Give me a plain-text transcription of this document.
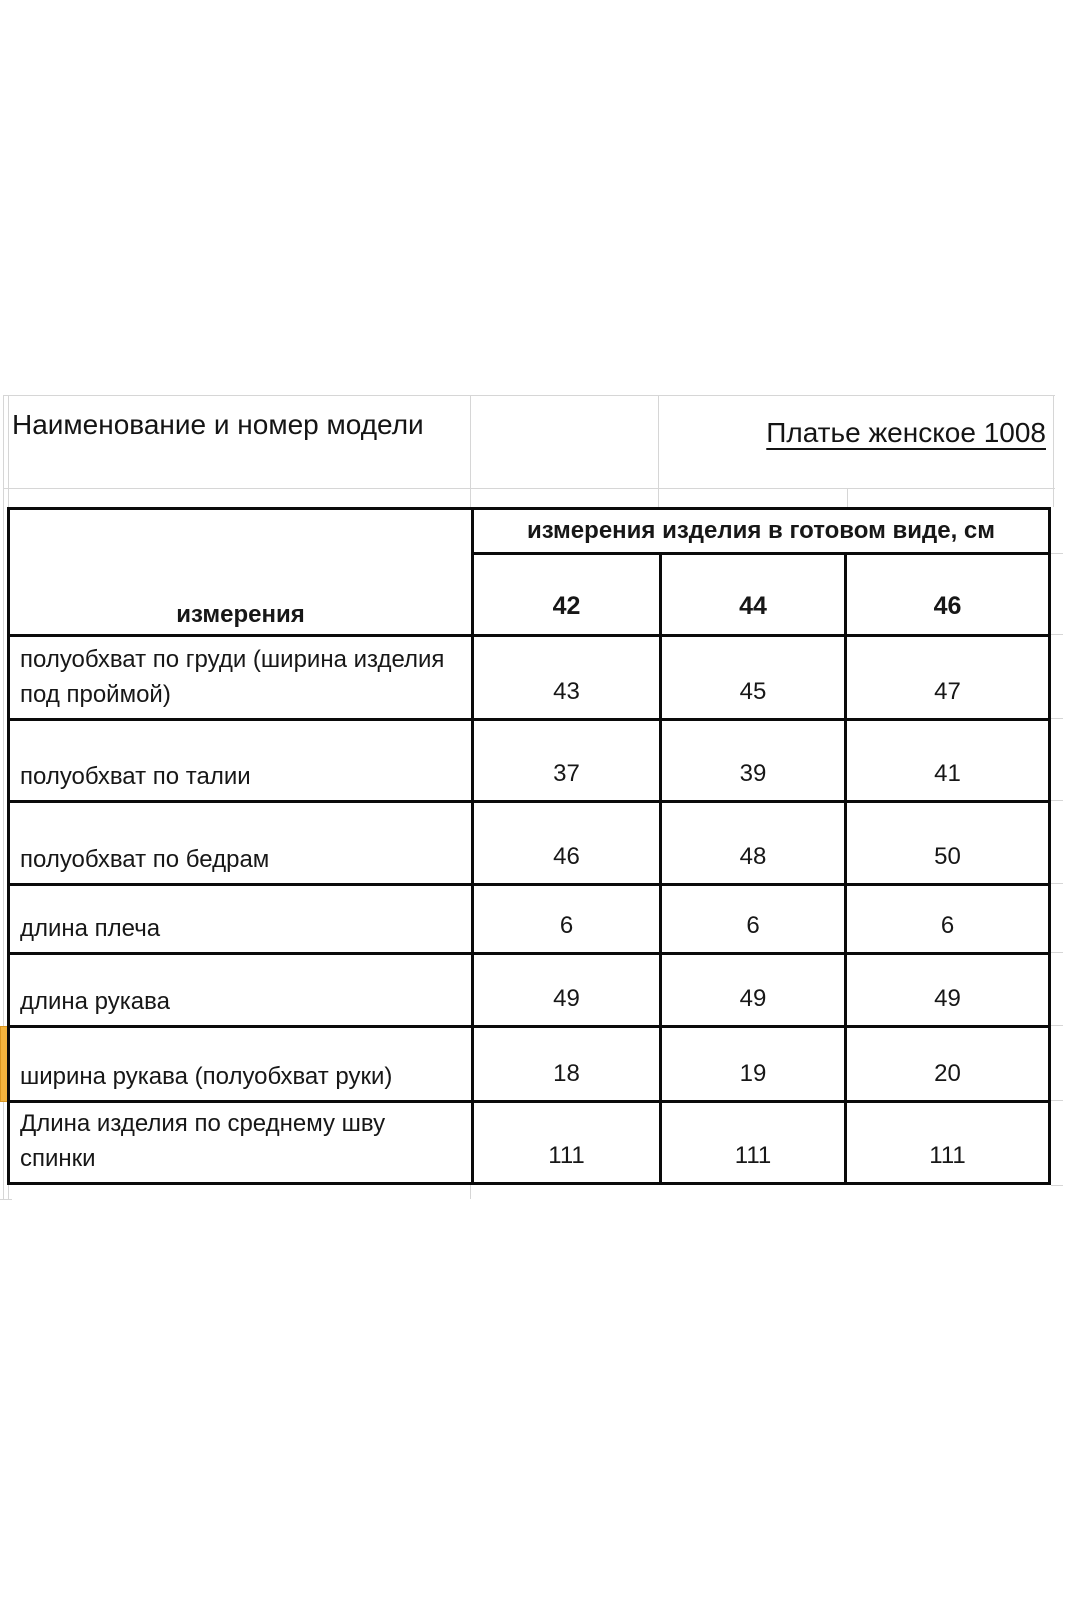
Наименование и номер модели	Платье женское 1008
измерения
измерения изделия в готовом виде, см
42	44	46
полуобхват по груди (ширина изделия под проймой)	43	45	47
полуобхват по талии	37	39	41
полуобхват по бедрам	46	48	50
длина плеча	6	6	6
длина рукава	49	49	49
ширина рукава (полуобхват руки)	18	19	20
Длина изделия по среднему шву спинки	111	111	111
